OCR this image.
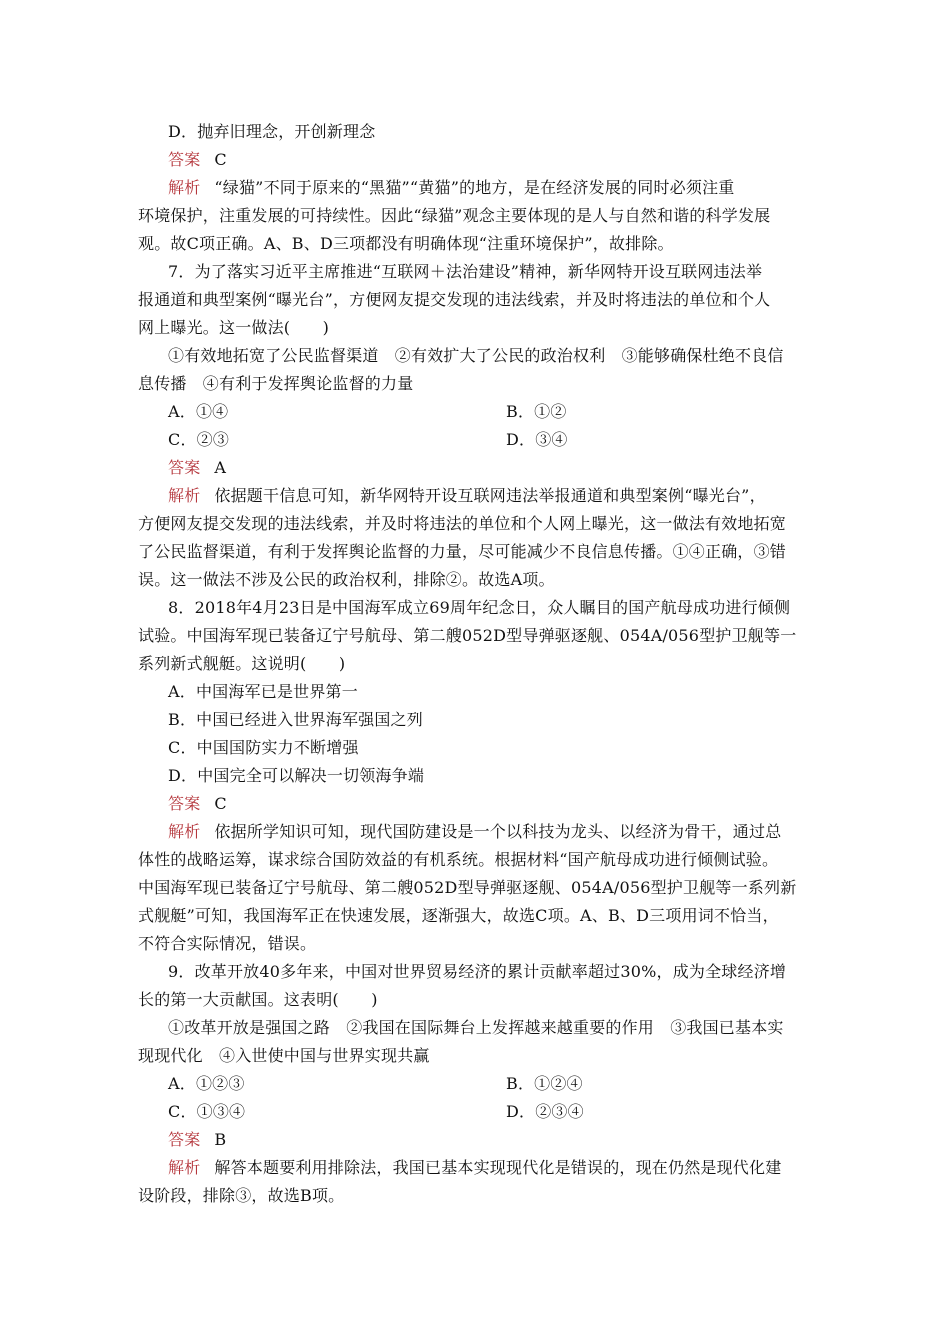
D．抛弃旧理念，开创新理念
答案 C
解析 “绿猫”不同于原来的“黑猫”“黄猫”的地方，是在经济发展的同时必须注重
环境保护，注重发展的可持续性。因此“绿猫”观念主要体现的是人与自然和谐的科学发展
观。故C项正确。A、B、D三项都没有明确体现“注重环境保护”，故排除。
7．为了落实习近平主席推进“互联网＋法治建设”精神，新华网特开设互联网违法举
报通道和典型案例“曝光台”，方便网友提交发现的违法线索，并及时将违法的单位和个人
网上曝光。这一做法(　　)
①有效地拓宽了公民监督渠道　②有效扩大了公民的政治权利　③能够确保杜绝不良信
息传播　④有利于发挥舆论监督的力量
A．①④	B．①②
C．②③	D．③④
答案 A
解析 依据题干信息可知，新华网特开设互联网违法举报通道和典型案例“曝光台”，
方便网友提交发现的违法线索，并及时将违法的单位和个人网上曝光，这一做法有效地拓宽
了公民监督渠道，有利于发挥舆论监督的力量，尽可能减少不良信息传播。①④正确，③错
误。这一做法不涉及公民的政治权利，排除②。故选A项。
8．2018年4月23日是中国海军成立69周年纪念日，众人瞩目的国产航母成功进行倾侧
试验。中国海军现已装备辽宁号航母、第二艘052D型导弹驱逐舰、054A/056型护卫舰等一
系列新式舰艇。这说明(　　)
A．中国海军已是世界第一
B．中国已经进入世界海军强国之列
C．中国国防实力不断增强
D．中国完全可以解决一切领海争端
答案 C
解析 依据所学知识可知，现代国防建设是一个以科技为龙头、以经济为骨干，通过总
体性的战略运筹，谋求综合国防效益的有机系统。根据材料“国产航母成功进行倾侧试验。
中国海军现已装备辽宁号航母、第二艘052D型导弹驱逐舰、054A/056型护卫舰等一系列新
式舰艇”可知，我国海军正在快速发展，逐渐强大，故选C项。A、B、D三项用词不恰当，
不符合实际情况，错误。
9．改革开放40多年来，中国对世界贸易经济的累计贡献率超过30%，成为全球经济增
长的第一大贡献国。这表明(　　)
①改革开放是强国之路　②我国在国际舞台上发挥越来越重要的作用　③我国已基本实
现现代化　④入世使中国与世界实现共赢
A．①②③	B．①②④
C．①③④	D．②③④
答案 B
解析 解答本题要利用排除法，我国已基本实现现代化是错误的，现在仍然是现代化建
设阶段，排除③，故选B项。
